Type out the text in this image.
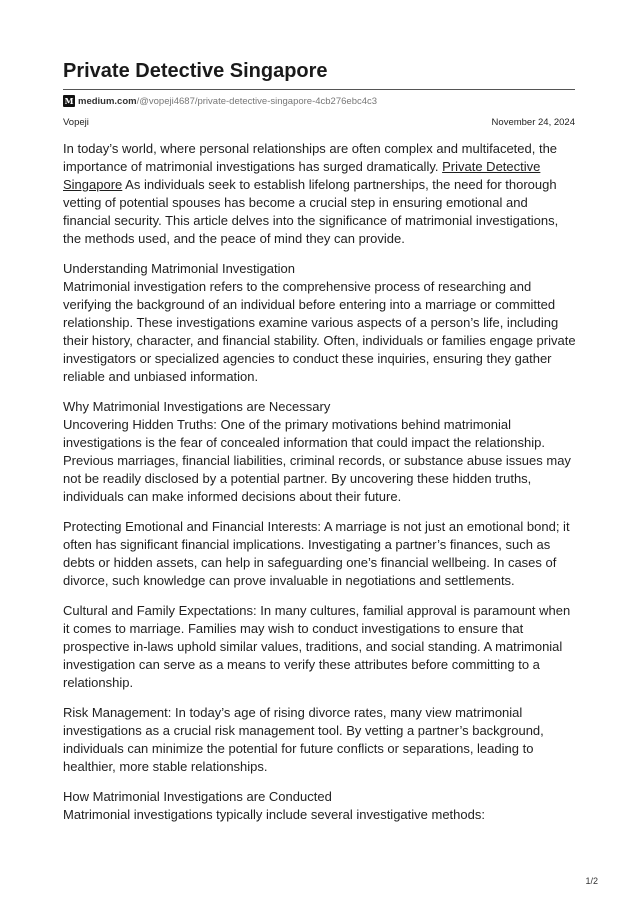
Private Detective Singapore
M medium.com /@vopeji4687/private-detective-singapore-4cb276ebc4c3
Vopeji	November 24, 2024

In today’s world, where personal relationships are often complex and multifaceted, the importance of matrimonial investigations has surged dramatically. Private Detective Singapore As individuals seek to establish lifelong partnerships, the need for thorough vetting of potential spouses has become a crucial step in ensuring emotional and financial security. This article delves into the significance of matrimonial investigations, the methods used, and the peace of mind they can provide.

Understanding Matrimonial Investigation
Matrimonial investigation refers to the comprehensive process of researching and verifying the background of an individual before entering into a marriage or committed relationship. These investigations examine various aspects of a person’s life, including their history, character, and financial stability. Often, individuals or families engage private investigators or specialized agencies to conduct these inquiries, ensuring they gather reliable and unbiased information.

Why Matrimonial Investigations are Necessary
Uncovering Hidden Truths: One of the primary motivations behind matrimonial investigations is the fear of concealed information that could impact the relationship. Previous marriages, financial liabilities, criminal records, or substance abuse issues may not be readily disclosed by a potential partner. By uncovering these hidden truths, individuals can make informed decisions about their future.

Protecting Emotional and Financial Interests: A marriage is not just an emotional bond; it often has significant financial implications. Investigating a partner’s finances, such as debts or hidden assets, can help in safeguarding one’s financial wellbeing. In cases of divorce, such knowledge can prove invaluable in negotiations and settlements.

Cultural and Family Expectations: In many cultures, familial approval is paramount when it comes to marriage. Families may wish to conduct investigations to ensure that prospective in-laws uphold similar values, traditions, and social standing. A matrimonial investigation can serve as a means to verify these attributes before committing to a relationship.

Risk Management: In today’s age of rising divorce rates, many view matrimonial investigations as a crucial risk management tool. By vetting a partner’s background, individuals can minimize the potential for future conflicts or separations, leading to healthier, more stable relationships.

How Matrimonial Investigations are Conducted
Matrimonial investigations typically include several investigative methods:

1/2
